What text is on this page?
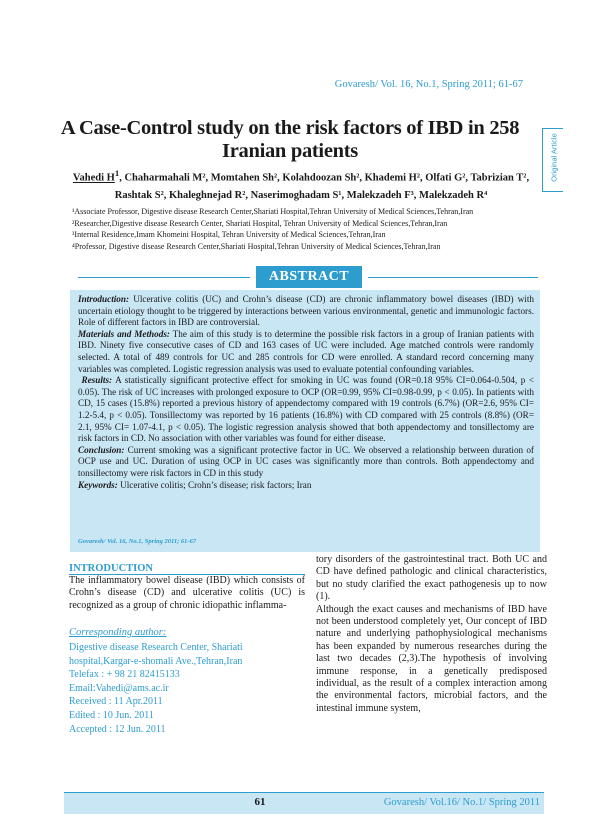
Govaresh/ Vol. 16, No.1, Spring 2011; 61-67
Original Article
A Case-Control study on the risk factors of IBD in 258 Iranian patients
Vahedi $H^1$, Chaharmahali M², Momtahen Sh², Kolahdoozan Sh², Khademi H², Olfati G², Tabrizian T², Rashtak S², Khaleghnejad R², Naserimoghadam S¹, Malekzadeh F³, Malekzadeh R⁴
¹Associate Professor, Digestive disease Research Center,Shariati Hospital,Tehran University of Medical Sciences,Tehran,Iran
²Researcher,Digestive disease Research Center, Shariati Hospital, Tehran University of Medical Sciences,Tehran,Iran
³Internal Residence,Imam Khomeini Hospital, Tehran University of Medical Sciences,Tehran,Iran
⁴Professor, Digestive disease Research Center,Shariati Hospital,Tehran University of Medical Sciences,Tehran,Iran
ABSTRACT

Introduction: Ulcerative colitis (UC) and Crohn’s disease (CD) are chronic inflammatory bowel diseases (IBD) with uncertain etiology thought to be triggered by interactions between various environmental, genetic and immunologic factors. Role of different factors in IBD are controversial.

Materials and Methods: The aim of this study is to determine the possible risk factors in a group of Iranian patients with IBD. Ninety five consecutive cases of CD and 163 cases of UC were included. Age matched controls were randomly selected. A total of 489 controls for UC and 285 controls for CD were enrolled. A standard record concerning many variables was completed. Logistic regression analysis was used to evaluate potential confounding variables.

Results: A statistically significant protective effect for smoking in UC was found (OR=0.18 95% CI=0.064-0.504, p < 0.05). The risk of UC increases with prolonged exposure to OCP (OR=0.99, 95% CI=0.98-0.99, p < 0.05). In patients with CD, 15 cases (15.8%) reported a previous history of appendectomy compared with 19 controls (6.7%) (OR=2.6, 95% CI= 1.2-5.4, p < 0.05). Tonsillectomy was reported by 16 patients (16.8%) with CD compared with 25 controls (8.8%) (OR= 2.1, 95% CI= 1.07-4.1, p < 0.05). The logistic regression analysis showed that both appendectomy and tonsillectomy are risk factors in CD. No association with other variables was found for either disease.

Conclusion: Current smoking was a significant protective factor in UC. We observed a relationship between duration of OCP use and UC. Duration of using OCP in UC cases was significantly more than controls. Both appendectomy and tonsillectomy were risk factors in CD in this study

Keywords: Ulcerative colitis; Crohn’s disease; risk factors; Iran

Govaresh/ Vol. 16, No.1, Spring 2011; 61-67
INTRODUCTION
The inflammatory bowel disease (IBD) which consists of Crohn’s disease (CD) and ulcerative colitis (UC) is recognized as a group of chronic idiopathic inflamma-
Corresponding author:
Digestive disease Research Center, Shariati
hospital,Kargar-e-shomali Ave.,Tehran,Iran
Telefax : + 98 21 82415133
Email:Vahedi@ams.ac.ir
Received : 11 Apr.2011
Edited : 10 Jun. 2011
Accepted : 12 Jun. 2011

tory disorders of the gastrointestinal tract. Both UC and CD have defined pathologic and clinical characteristics, but no study clarified the exact pathogenesis up to now (1).

Although the exact causes and mechanisms of IBD have not been understood completely yet, Our concept of IBD nature and underlying pathophysiological mechanisms has been expanded by numerous researches during the last two decades (2,3).The hypothesis of involving immune response, in a genetically predisposed individual, as the result of a complex interaction among the environmental factors, microbial factors, and the intestinal immune system,

61	Govaresh/ Vol.16/ No.1/ Spring 2011
